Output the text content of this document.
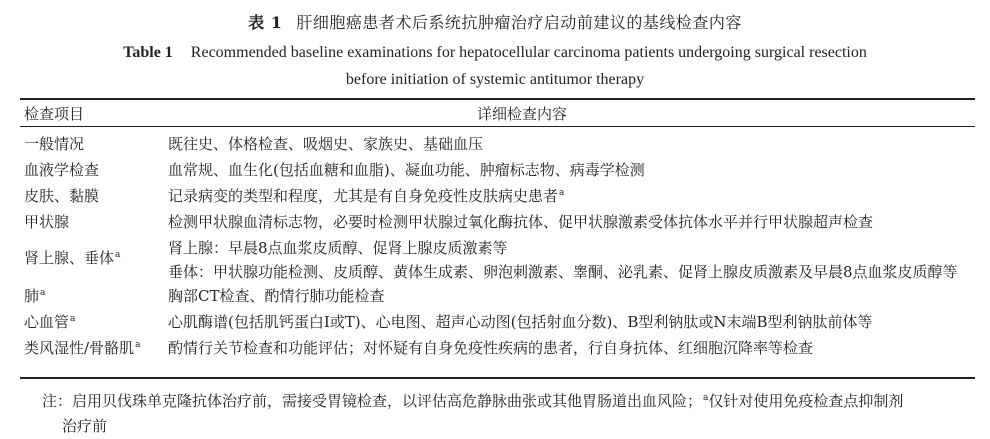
表 1 肝细胞癌患者术后系统抗肿瘤治疗启动前建议的基线检查内容
Table 1 Recommended baseline examinations for hepatocellular carcinoma patients undergoing surgical resection
before initiation of systemic antitumor therapy
检查项目	详细检查内容
一般情况	既往史、体格检查、吸烟史、家族史、基础血压
血液学检查	血常规、血生化(包括血糖和血脂)、凝血功能、肿瘤标志物、病毒学检测
皮肤、黏膜	记录病变的类型和程度，尤其是有自身免疫性皮肤病史患者$^a$
甲状腺	检测甲状腺血清标志物，必要时检测甲状腺过氧化酶抗体、促甲状腺激素受体抗体水平并行甲状腺超声检查
肾上腺、垂体$^a$	肾上腺：早晨8点血浆皮质醇、促肾上腺皮质激素等
垂体：甲状腺功能检测、皮质醇、黄体生成素、卵泡刺激素、睾酮、泌乳素、促肾上腺皮质激素及早晨8点血浆皮质醇等
肺$^a$	胸部CT检查、酌情行肺功能检查
心血管$^a$	心肌酶谱(包括肌钙蛋白I或T)、心电图、超声心动图(包括射血分数)、B型利钠肽或N末端B型利钠肽前体等
类风湿性/骨骼肌$^a$ 酌情行关节检查和功能评估；对怀疑有自身免疫性疾病的患者，行自身抗体、红细胞沉降率等检查
注：启用贝伐珠单克隆抗体治疗前，需接受胃镜检查，以评估高危静脉曲张或其他胃肠道出血风险；$^a$仅针对使用免疫检查点抑制剂
治疗前
